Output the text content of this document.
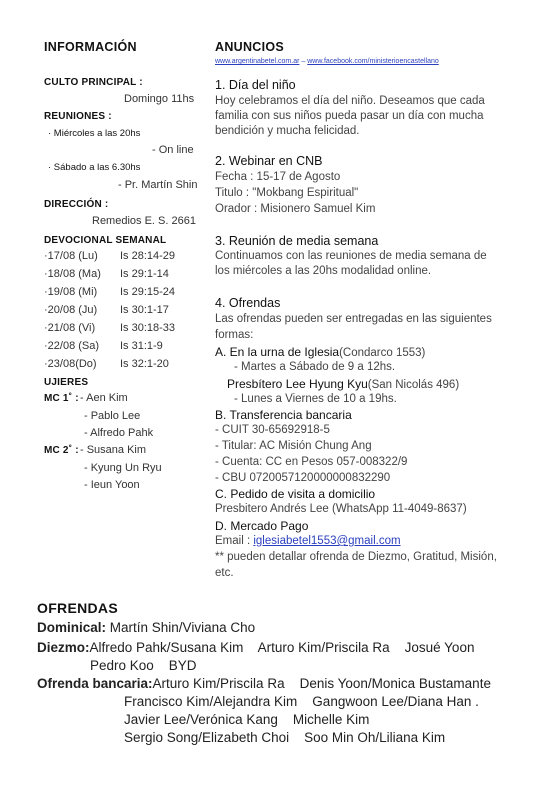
INFORMACIÓN
CULTO PRINCIPAL :
Domingo 11hs
REUNIONES :
· Miércoles a las 20hs
- On line
· Sábado a las 6.30hs
- Pr. Martín Shin
DIRECCIÓN :
Remedios E. S. 2661
DEVOCIONAL SEMANAL
·17/08 (Lu) Is 28:14-29
·18/08 (Ma) Is 29:1-14
·19/08 (Mi) Is 29:15-24
·20/08 (Ju) Is 30:1-17
·21/08 (Vi) Is 30:18-33
·22/08 (Sa) Is 31:1-9
·23/08(Do) Is 32:1-20
UJIERES
MC 1˚ : - Aen Kim
- Pablo Lee
- Alfredo Pahk
MC 2˚ : - Susana Kim
- Kyung Un Ryu
- Ieun Yoon
ANUNCIOS
www.argentinabetel.com.ar – www.facebook.com/ministerioencastellano
1. Día del niño
Hoy celebramos el día del niño. Deseamos que cada
familia con sus niños pueda pasar un día con mucha
bendición y mucha felicidad.
2. Webinar en CNB
Fecha : 15-17 de Agosto
Titulo : "Mokbang Espiritual"
Orador : Misionero Samuel Kim
3. Reunión de media semana
Continuamos con las reuniones de media semana de
los miércoles a las 20hs modalidad online.
4. Ofrendas
Las ofrendas pueden ser entregadas en las siguientes
formas:
A. En la urna de Iglesia(Condarco 1553)
- Martes a Sábado de 9 a 12hs.
Presbítero Lee Hyung Kyu(San Nicolás 496)
- Lunes a Viernes de 10 a 19hs.
B. Transferencia bancaria
- CUIT 30-65692918-5
- Titular: AC Misión Chung Ang
- Cuenta: CC en Pesos 057-008322/9
- CBU 0720057120000000832290
C. Pedido de visita a domicilio
Presbitero Andrés Lee (WhatsApp 11-4049-8637)
D. Mercado Pago
Email : iglesiabetel1553@gmail.com
** pueden detallar ofrenda de Diezmo, Gratitud, Misión,
etc.
OFRENDAS
Dominical: Martín Shin/Viviana Cho
Diezmo:Alfredo Pahk/Susana Kim    Arturo Kim/Priscila Ra    Josué Yoon
Pedro Koo    BYD
Ofrenda bancaria:Arturo Kim/Priscila Ra    Denis Yoon/Monica Bustamante
Francisco Kim/Alejandra Kim    Gangwoon Lee/Diana Han .
Javier Lee/Verónica Kang    Michelle Kim
Sergio Song/Elizabeth Choi    Soo Min Oh/Liliana Kim
